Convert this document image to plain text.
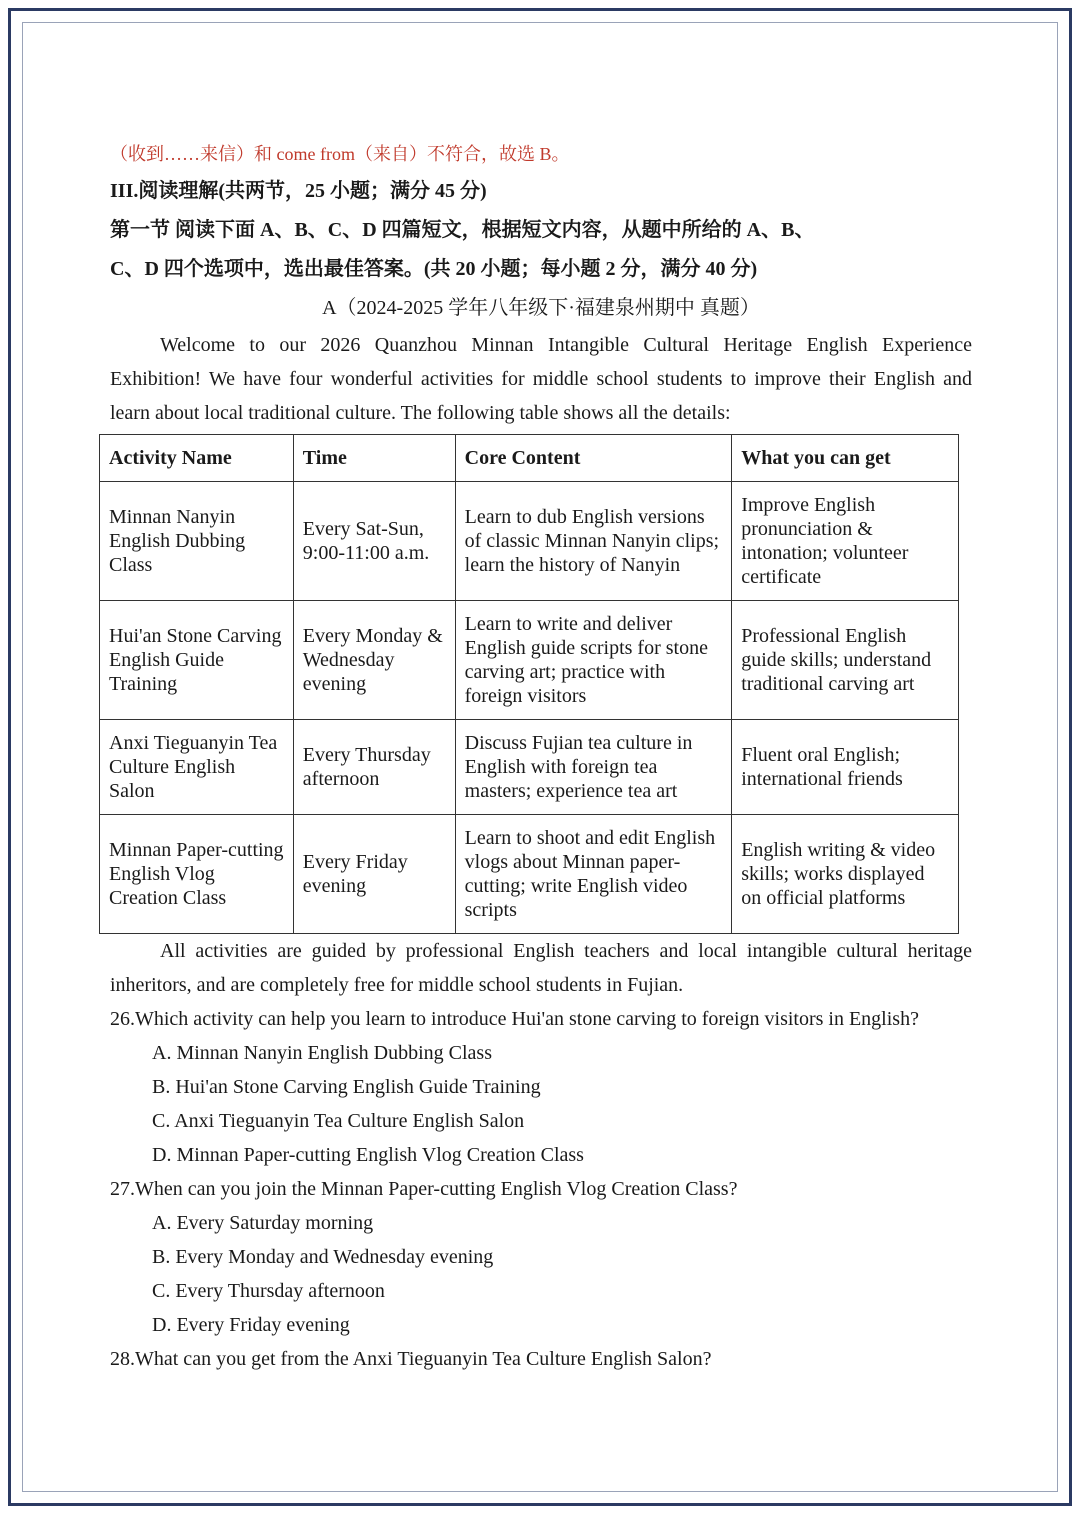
（收到……来信）和 come from（来自）不符合，故选 B。
III.阅读理解(共两节，25 小题；满分 45 分)
第一节 阅读下面 A、B、C、D 四篇短文，根据短文内容，从题中所给的 A、B、
C、D 四个选项中，选出最佳答案。(共 20 小题；每小题 2 分，满分 40 分)
A（2024-2025 学年八年级下·福建泉州期中 真题）
Welcome to our 2026 Quanzhou Minnan Intangible Cultural Heritage English Experience Exhibition! We have four wonderful activities for middle school students to improve their English and learn about local traditional culture. The following table shows all the details:
Activity Name	Time	Core Content	What you can get
Minnan Nanyin English Dubbing Class	Every Sat-Sun, 9:00-11:00 a.m.	Learn to dub English versions of classic Minnan Nanyin clips; learn the history of Nanyin	Improve English pronunciation & intonation; volunteer certificate
Hui'an Stone Carving English Guide Training	Every Monday & Wednesday evening	Learn to write and deliver English guide scripts for stone carving art; practice with foreign visitors	Professional English guide skills; understand traditional carving art
Anxi Tieguanyin Tea Culture English Salon	Every Thursday afternoon	Discuss Fujian tea culture in English with foreign tea masters; experience tea art	Fluent oral English; international friends
Minnan Paper-cutting English Vlog Creation Class	Every Friday evening	Learn to shoot and edit English vlogs about Minnan paper-cutting; write English video scripts	English writing & video skills; works displayed on official platforms
All activities are guided by professional English teachers and local intangible cultural heritage inheritors, and are completely free for middle school students in Fujian.
26.Which activity can help you learn to introduce Hui'an stone carving to foreign visitors in English?
A. Minnan Nanyin English Dubbing Class
B. Hui'an Stone Carving English Guide Training
C. Anxi Tieguanyin Tea Culture English Salon
D. Minnan Paper-cutting English Vlog Creation Class
27.When can you join the Minnan Paper-cutting English Vlog Creation Class?
A. Every Saturday morning
B. Every Monday and Wednesday evening
C. Every Thursday afternoon
D. Every Friday evening
28.What can you get from the Anxi Tieguanyin Tea Culture English Salon?
